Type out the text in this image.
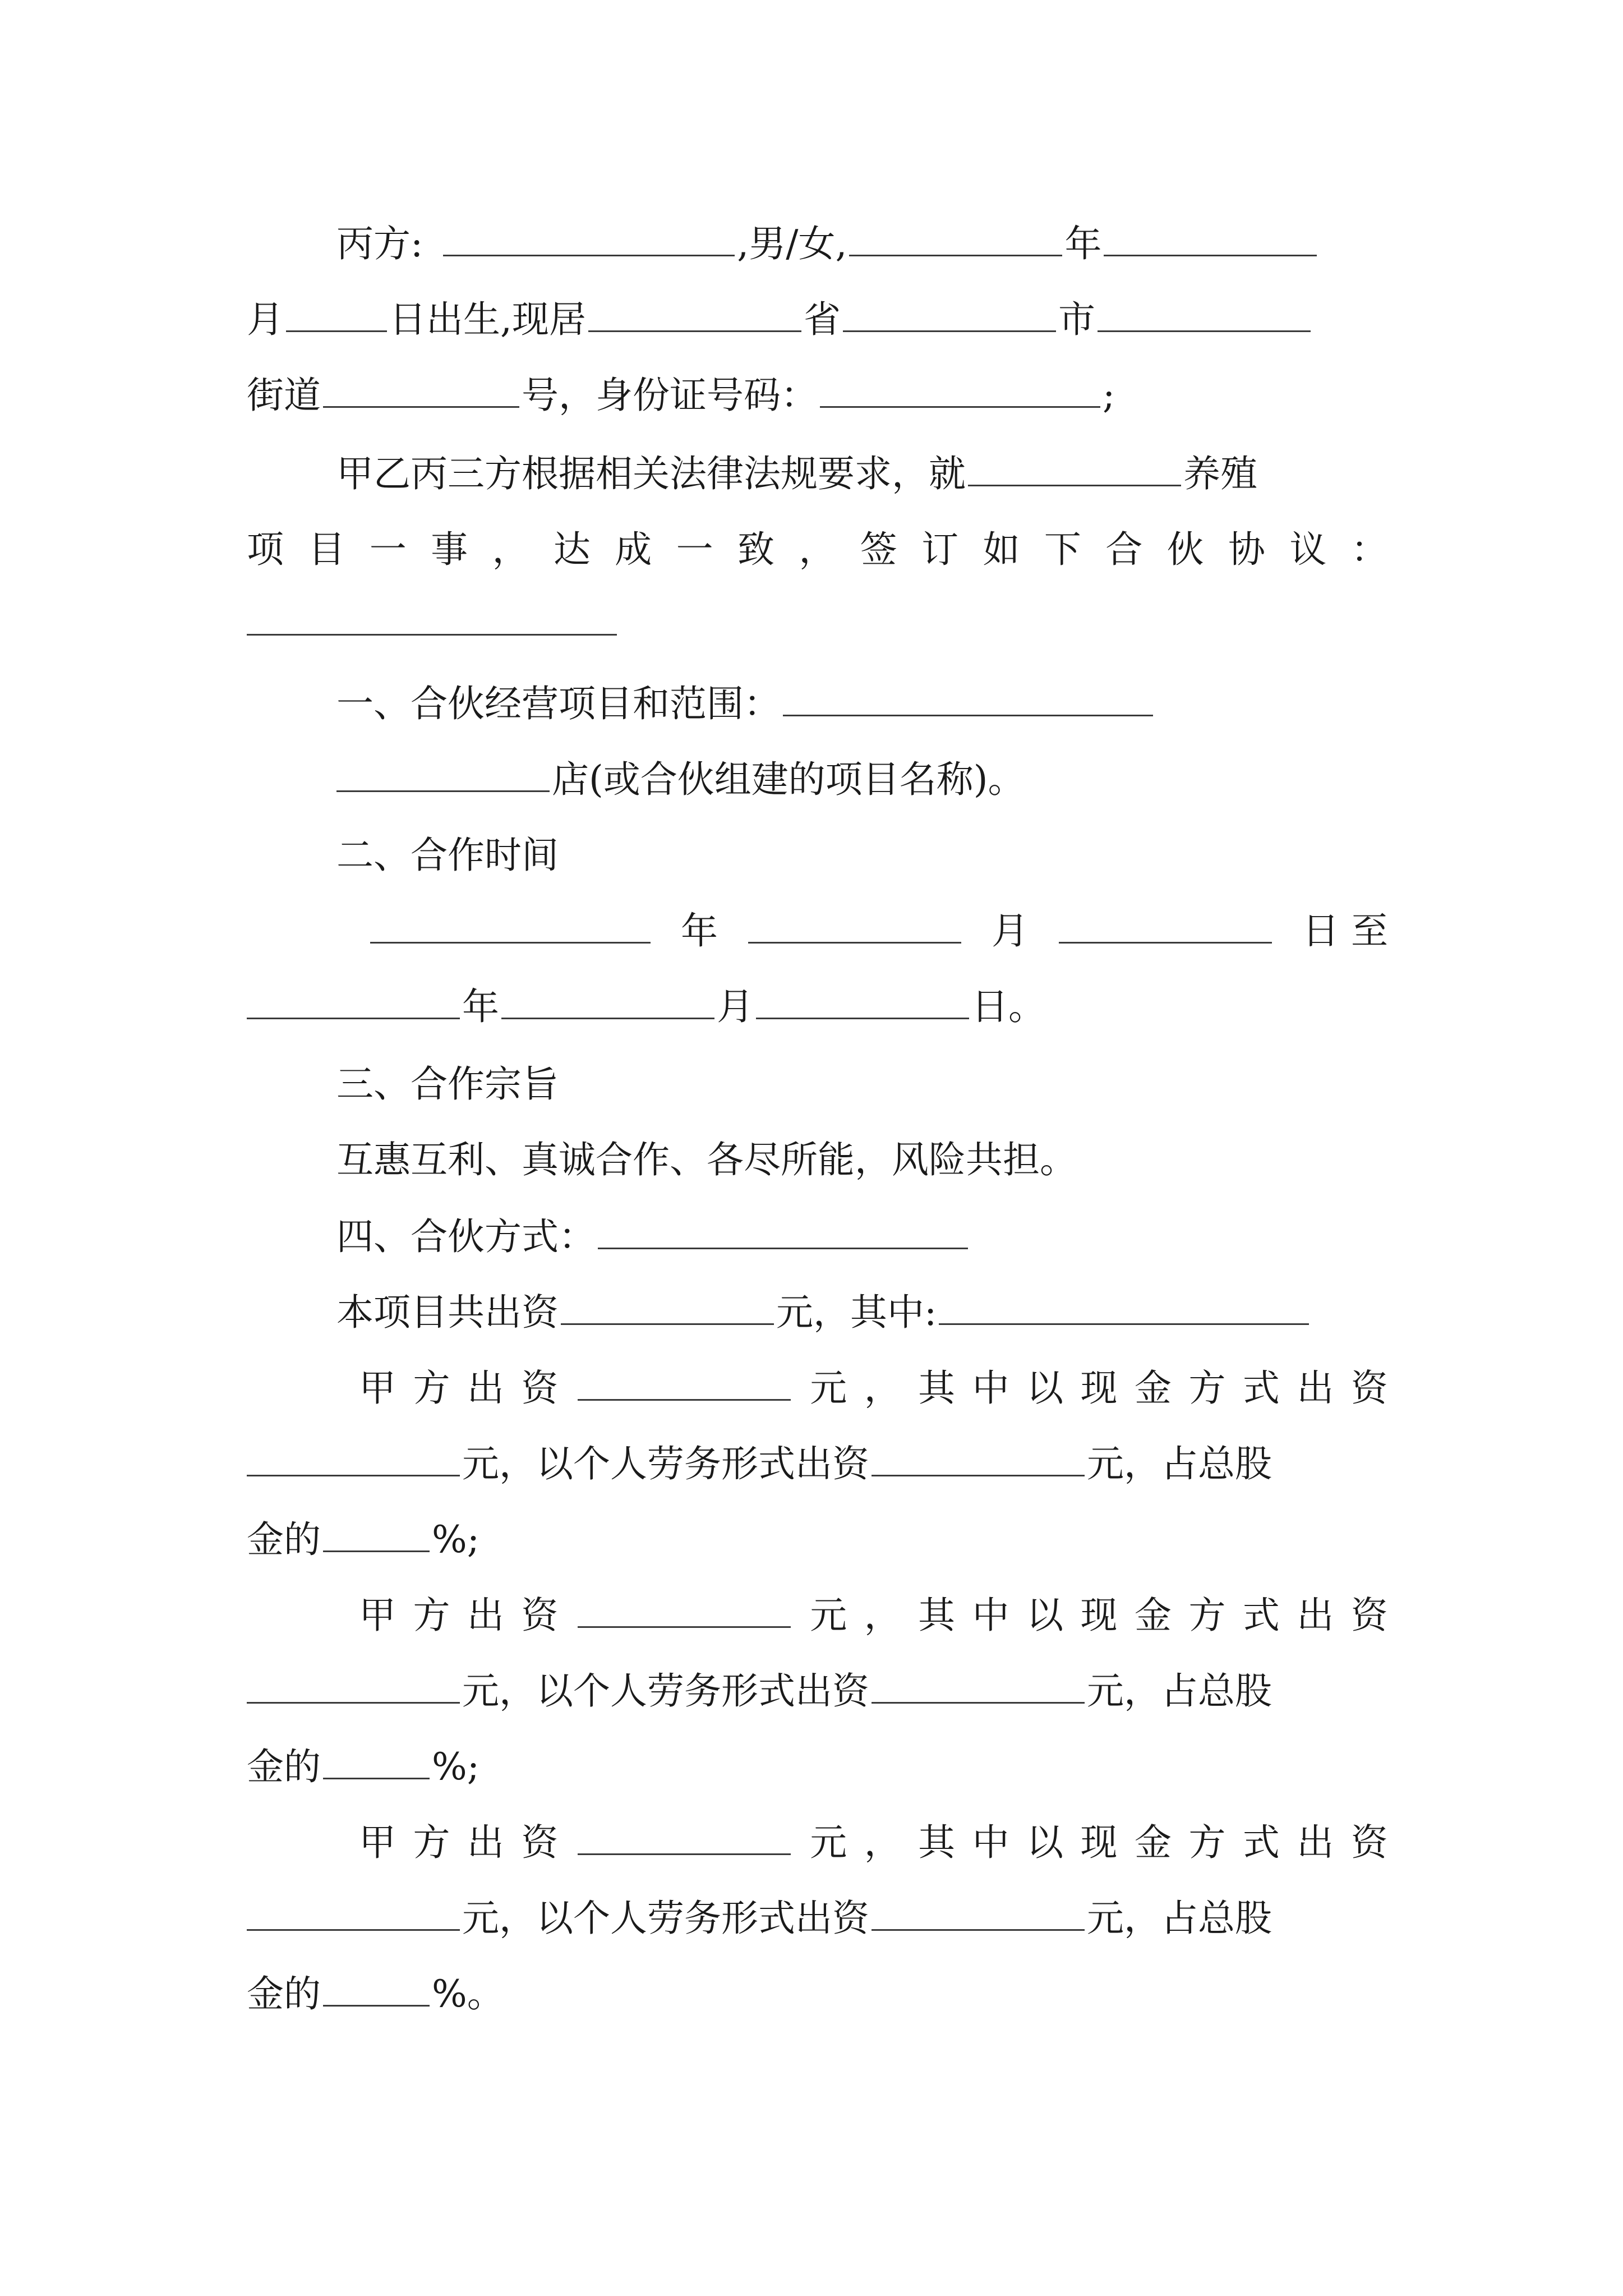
丙方:	,男/女,	年
月	日出生,现居	省	市
街道	号，身份证号码：	;
甲乙丙三方根据相关法律法规要求，就	养殖
项 目 一 事 ， 达 成 一 致 ， 签 订 如 下 合 伙 协 议 ：
一、合伙经营项目和范围：
店(或合伙组建的项目名称)。
二、合作时间
年	月	日 至
年	月	日。
三、合作宗旨
互惠互利、真诚合作、各尽所能，风险共担。
四、合伙方式：
本项目共出资	元，其中:
甲 方 出 资	元 ， 其 中 以 现 金 方 式 出 资
元，以个人劳务形式出资	元，占总股
金的	%;
甲 方 出 资	元 ， 其 中 以 现 金 方 式 出 资
元，以个人劳务形式出资	元，占总股
金的	%;
甲 方 出 资	元 ， 其 中 以 现 金 方 式 出 资
元，以个人劳务形式出资	元，占总股
金的	%。
